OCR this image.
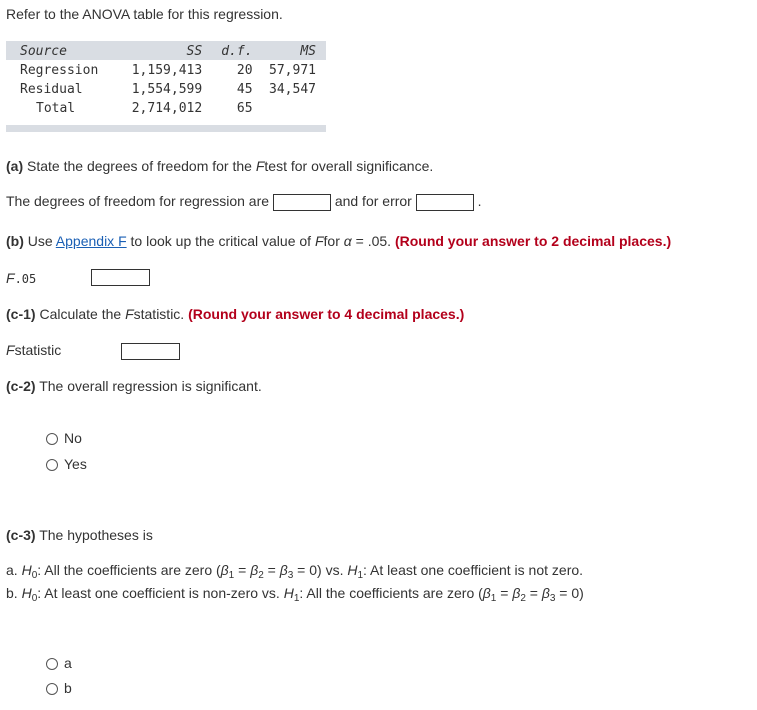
Refer to the ANOVA table for this regression.
Source	SS	d.f.	MS
Regression	1,159,413	20	57,971
Residual	1,554,599	45	34,547
Total	2,714,012	65	
(a) State the degrees of freedom for the Ftest for overall significance.
The degrees of freedom for regression are	and for error	.
(b) Use Appendix F to look up the critical value of Ffor α = .05. (Round your answer to 2 decimal places.)
F.05
(c-1) Calculate the Fstatistic. (Round your answer to 4 decimal places.)
Fstatistic
(c-2) The overall regression is significant.
No
Yes
(c-3) The hypotheses is
a. $H_0$: All the coefficients are zero $(\beta_1 = \beta_2 = \beta_3 = 0)$ vs. $H_1$: At least one coefficient is not zero.
b. $H_0$: At least one coefficient is non-zero vs. $H_1$: All the coefficients are zero $(\beta_1 = \beta_2 = \beta_3 = 0)$
a
b
